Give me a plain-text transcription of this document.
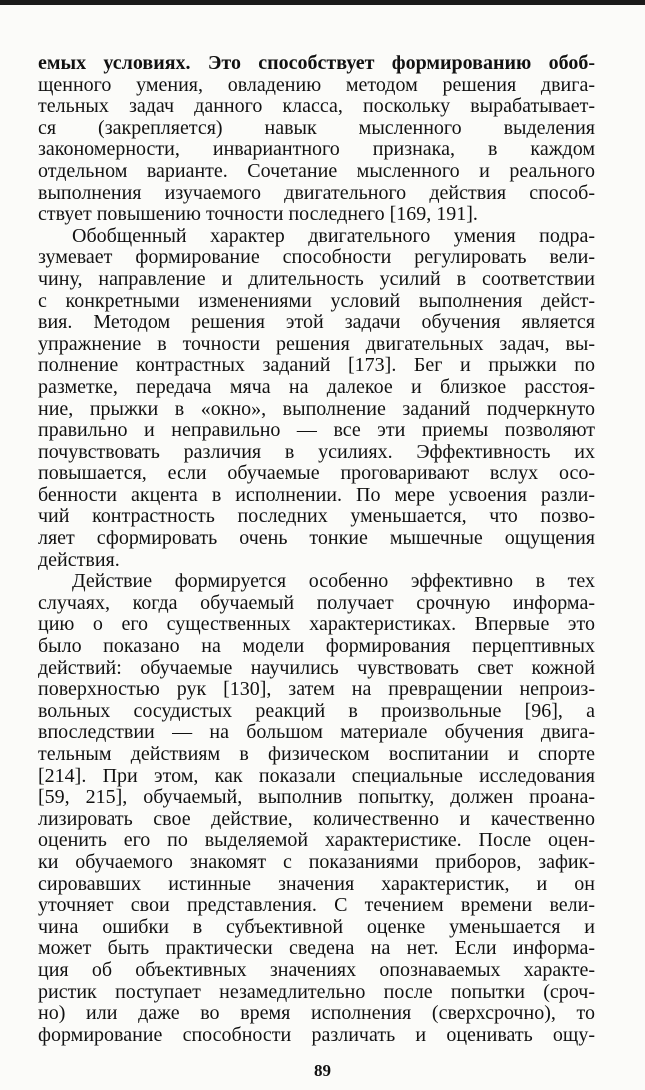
емых условиях. Это способствует формированию обоб-
щенного умения, овладению методом решения двига-
тельных задач данного класса, поскольку вырабатывает-
ся (закрепляется) навык мысленного выделения
закономерности, инвариантного признака, в каждом
отдельном варианте. Сочетание мысленного и реального
выполнения изучаемого двигательного действия способ-
ствует повышению точности последнего [169, 191].
Обобщенный характер двигательного умения подра-
зумевает формирование способности регулировать вели-
чину, направление и длительность усилий в соответствии
с конкретными изменениями условий выполнения дейст-
вия. Методом решения этой задачи обучения является
упражнение в точности решения двигательных задач, вы-
полнение контрастных заданий [173]. Бег и прыжки по
разметке, передача мяча на далекое и близкое расстоя-
ние, прыжки в «окно», выполнение заданий подчеркнуто
правильно и неправильно — все эти приемы позволяют
почувствовать различия в усилиях. Эффективность их
повышается, если обучаемые проговаривают вслух осо-
бенности акцента в исполнении. По мере усвоения разли-
чий контрастность последних уменьшается, что позво-
ляет сформировать очень тонкие мышечные ощущения
действия.
Действие формируется особенно эффективно в тех
случаях, когда обучаемый получает срочную информа-
цию о его существенных характеристиках. Впервые это
было показано на модели формирования перцептивных
действий: обучаемые научились чувствовать свет кожной
поверхностью рук [130], затем на превращении непроиз-
вольных сосудистых реакций в произвольные [96], а
впоследствии — на большом материале обучения двига-
тельным действиям в физическом воспитании и спорте
[214]. При этом, как показали специальные исследования
[59, 215], обучаемый, выполнив попытку, должен проана-
лизировать свое действие, количественно и качественно
оценить его по выделяемой характеристике. После оцен-
ки обучаемого знакомят с показаниями приборов, зафик-
сировавших истинные значения характеристик, и он
уточняет свои представления. С течением времени вели-
чина ошибки в субъективной оценке уменьшается и
может быть практически сведена на нет. Если информа-
ция об объективных значениях опознаваемых характе-
ристик поступает незамедлительно после попытки (сроч-
но) или даже во время исполнения (сверхсрочно), то
формирование способности различать и оценивать ощу-
89
